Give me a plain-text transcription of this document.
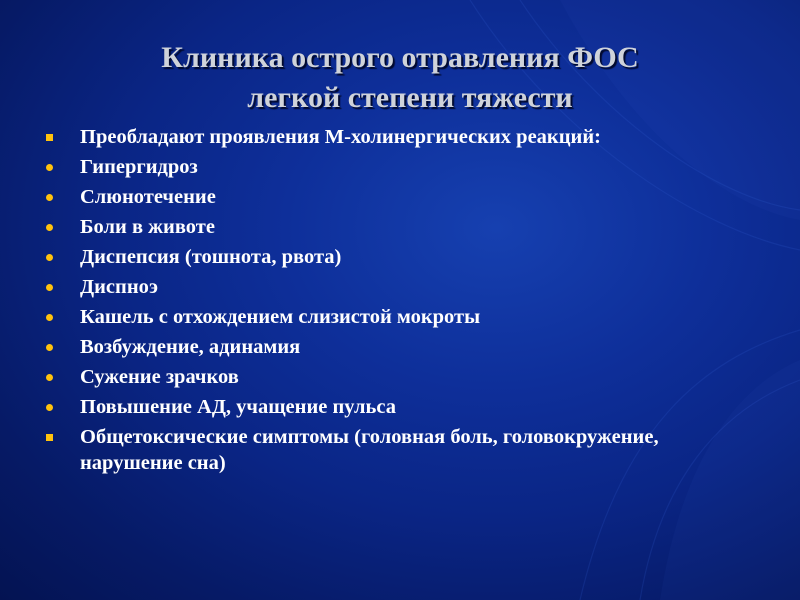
Клиника острого отравления ФОС
легкой степени тяжести
Преобладают проявления М-холинергических реакций:
Гипергидроз
Слюнотечение
Боли в животе
Диспепсия (тошнота, рвота)
Диспноэ
Кашель с отхождением слизистой мокроты
Возбуждение, адинамия
Сужение зрачков
Повышение АД, учащение пульса
Общетоксические симптомы (головная боль, головокружение, нарушение сна)
